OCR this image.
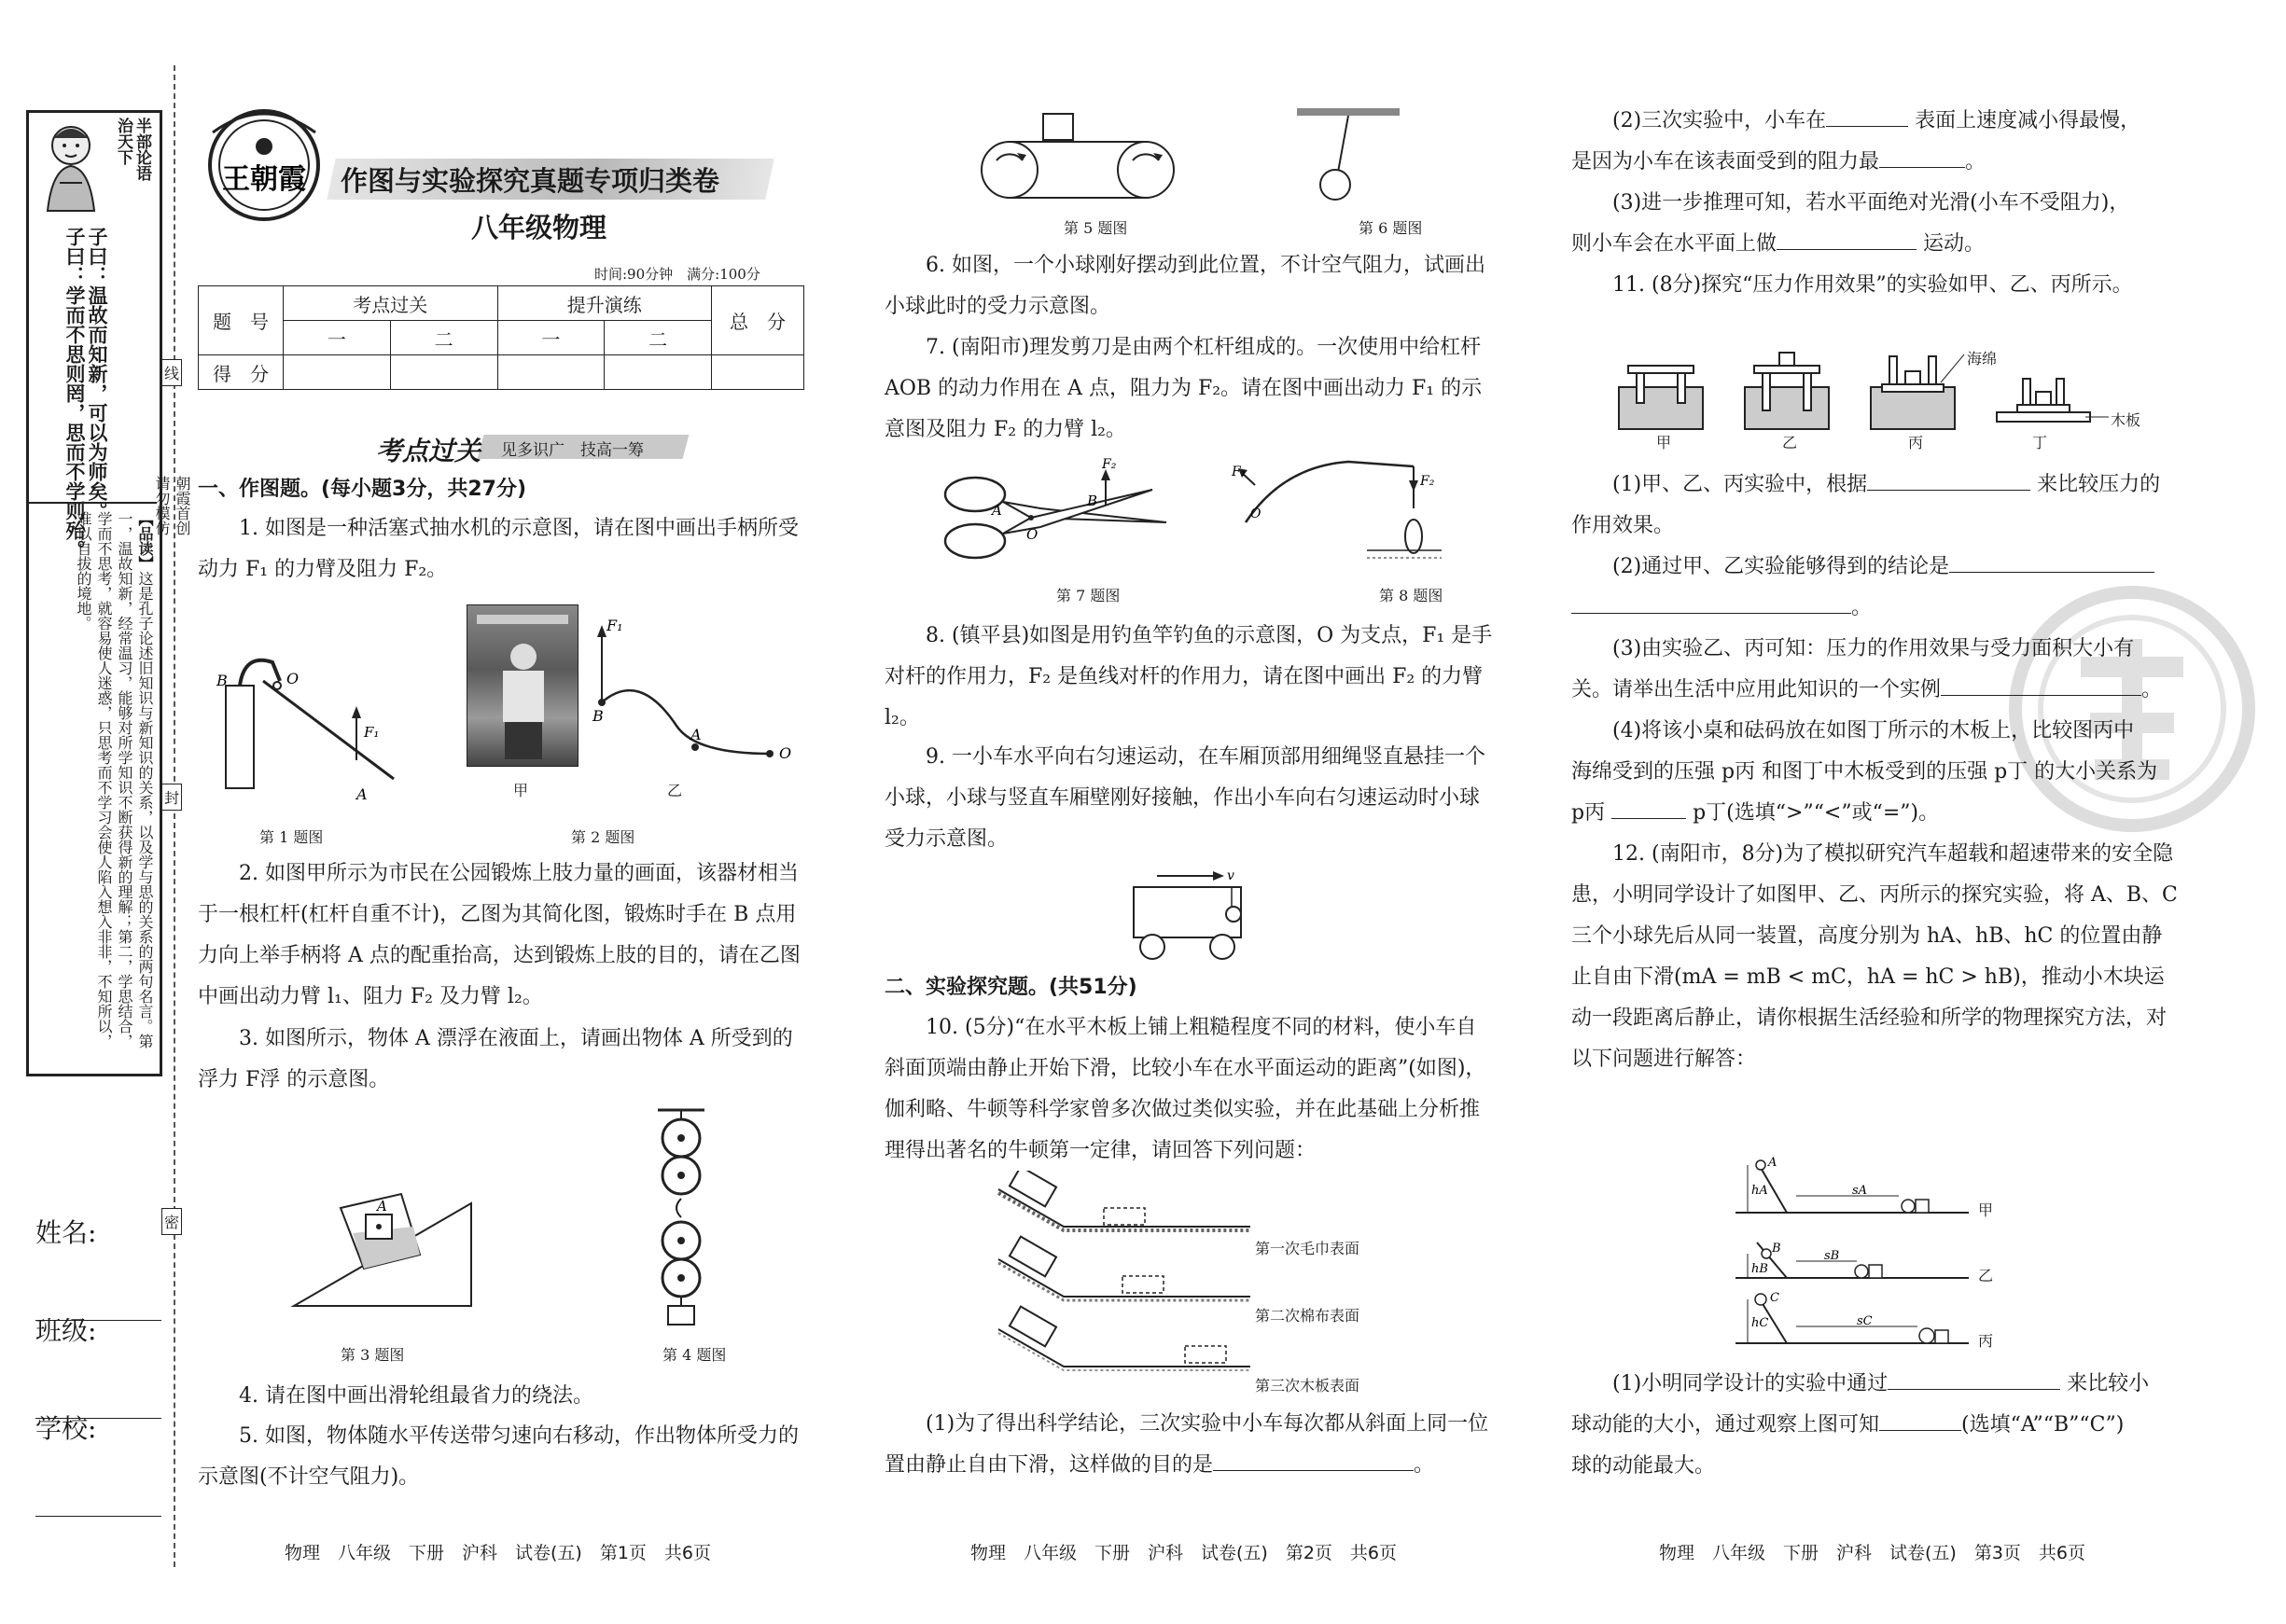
半部论语
治天下
子曰：温故而知新，可以为师矣。
子曰：学而不思则罔，思而不学则殆。	【品读】这是孔子论述旧知识与新知识的关系，以及学与思的关系的两句名言。第一，温故知新，经常温习，能够对所学知识不断获得新的理解；第二，学思结合，学而不思考，就容易使人迷惑，只思考而不学习会使人陷入想入非非，不知所以，难以自拔的境地。
朝霞首创
请勿模仿
线
封
密
姓名:
班级:
学校:
王朝霞 作图与实验探究真题专项归类卷
八年级物理
时间:90分钟　满分:100分
题　号	考点过关		提升演练		总　分
	一	二	一	二	
得　分					
考点过关 见多识广　技高一筹
一、作图题。(每小题3分，共27分)

1. 如图是一种活塞式抽水机的示意图，请在图中画出手柄所受动力 F₁ 的力臂及阻力 F₂。

B	O
F₁
A
F₁
B
A
O
甲	乙
第 1 题图	第 2 题图

2. 如图甲所示为市民在公园锻炼上肢力量的画面，该器材相当于一根杠杆(杠杆自重不计)，乙图为其简化图，锻炼时手在 B 点用力向上举手柄将 A 点的配重抬高，达到锻炼上肢的目的，请在乙图中画出动力臂 l₁、阻力 F₂ 及力臂 l₂。

3. 如图所示，物体 A 漂浮在液面上，请画出物体 A 所受到的浮力 F浮 的示意图。

A
第 3 题图	第 4 题图

4. 请在图中画出滑轮组最省力的绕法。

5. 如图，物体随水平传送带匀速向右移动，作出物体所受力的示意图(不计空气阻力)。

物理　八年级　下册　沪科　试卷(五)　第1页　共6页
第 5 题图	第 6 题图

6. 如图，一个小球刚好摆动到此位置，不计空气阻力，试画出小球此时的受力示意图。

7. (南阳市)理发剪刀是由两个杠杆组成的。一次使用中给杠杆 AOB 的动力作用在 A 点，阻力为 F₂。请在图中画出动力 F₁ 的示意图及阻力 F₂ 的力臂 l₂。

A
O
B
F₂	F₁
F₂
O
第 7 题图	第 8 题图

8. (镇平县)如图是用钓鱼竿钓鱼的示意图，O 为支点，F₁ 是手对杆的作用力，F₂ 是鱼线对杆的作用力，请在图中画出 F₂ 的力臂 l₂。

9. 一小车水平向右匀速运动，在车厢顶部用细绳竖直悬挂一个小球，小球与竖直车厢壁刚好接触，作出小车向右匀速运动时小球受力示意图。

v
二、实验探究题。(共51分)

10. (5分)“在水平木板上铺上粗糙程度不同的材料，使小车自斜面顶端由静止开始下滑，比较小车在水平面运动的距离”(如图)，伽利略、牛顿等科学家曾多次做过类似实验，并在此基础上分析推理得出著名的牛顿第一定律，请回答下列问题：

第一次毛巾表面
第二次棉布表面
第三次木板表面

(1)为了得出科学结论，三次实验中小车每次都从斜面上同一位置由静止自由下滑，这样做的目的是	。

物理　八年级　下册　沪科　试卷(五)　第2页　共6页

(2)三次实验中，小车在	表面上速度减小得最慢，

是因为小车在该表面受到的阻力最	。

(3)进一步推理可知，若水平面绝对光滑(小车不受阻力)，

则小车会在水平面上做	运动。

11. (8分)探究“压力作用效果”的实验如甲、乙、丙所示。

甲	乙	丙	丁
海绵
木板

(1)甲、乙、丙实验中，根据	来比较压力的

作用效果。

(2)通过甲、乙实验能够得到的结论是

。

(3)由实验乙、丙可知：压力的作用效果与受力面积大小有

关。请举出生活中应用此知识的一个实例	。

(4)将该小桌和砝码放在如图丁所示的木板上，比较图丙中

海绵受到的压强 p丙 和图丁中木板受到的压强 p丁 的大小关系为

p丙	p丁(选填“>”“<”或“=”)。

12. (南阳市，8分)为了模拟研究汽车超载和超速带来的安全隐患，小明同学设计了如图甲、乙、丙所示的探究实验，将 A、B、C 三个小球先后从同一装置，高度分别为 hA、hB、hC 的位置由静止自由下滑(mA = mB < mC，hA = hC > hB)，推动小木块运动一段距离后静止，请你根据生活经验和所学的物理探究方法，对以下问题进行解答：

A
hA	sA
B
hB
sB
C
hC	sC
甲
乙
丙

(1)小明同学设计的实验中通过	来比较小

球动能的大小，通过观察上图可知	(选填“A”“B”“C”)

球的动能最大。

物理　八年级　下册　沪科　试卷(五)　第3页　共6页
